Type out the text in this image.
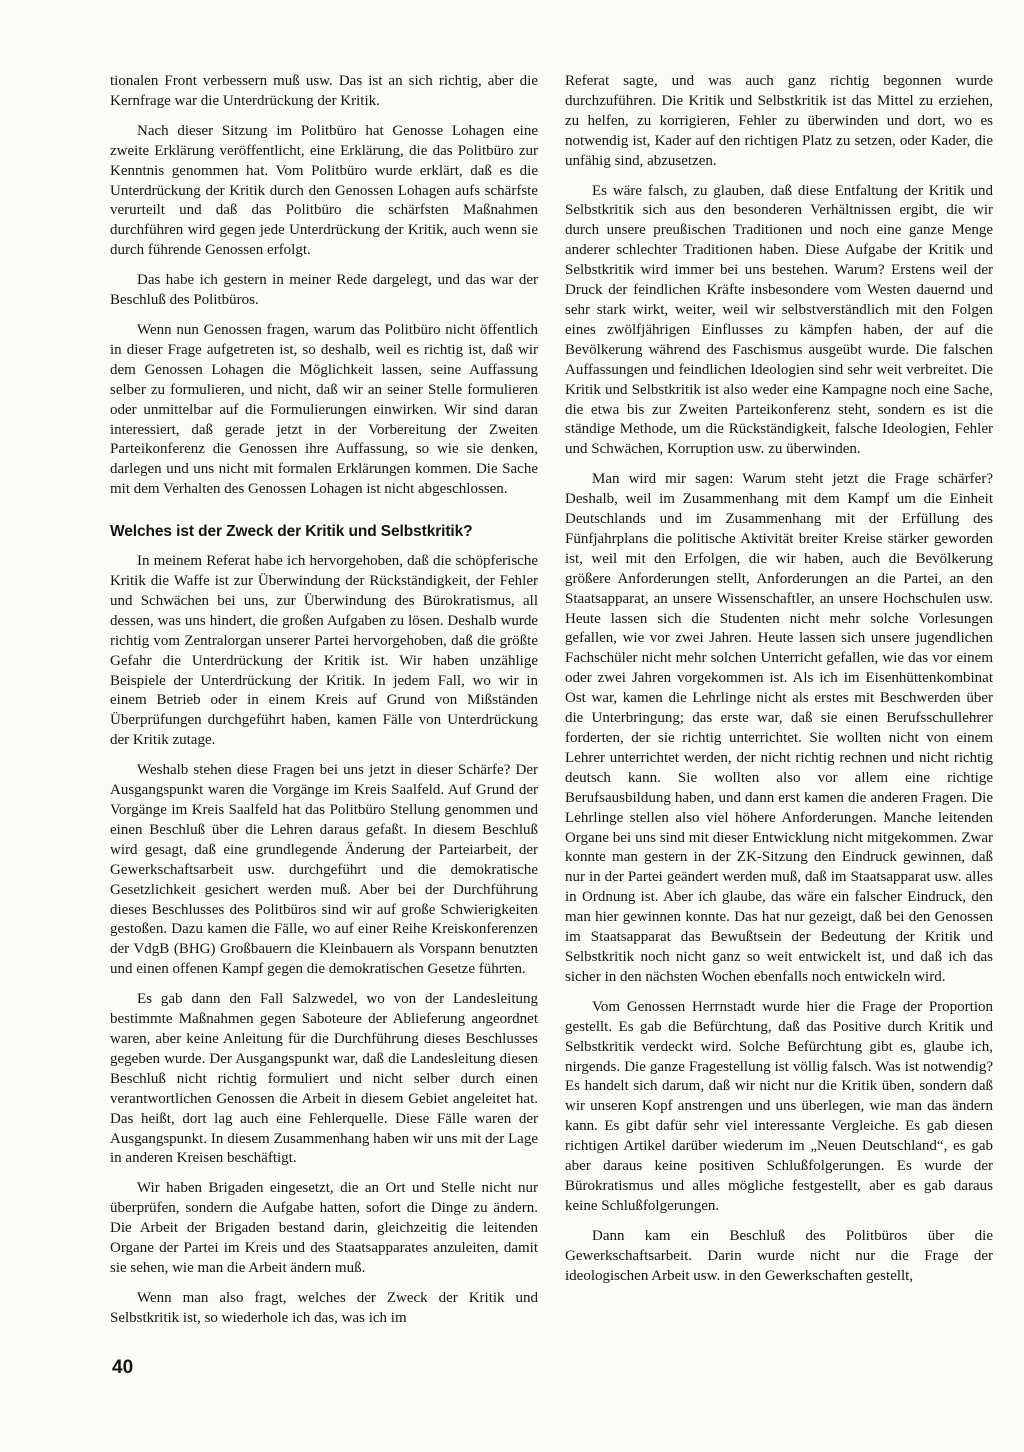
tionalen Front verbessern muß usw. Das ist an sich richtig, aber die Kernfrage war die Unterdrückung der Kritik.

Nach dieser Sitzung im Politbüro hat Genosse Lohagen eine zweite Erklärung veröffentlicht, eine Erklärung, die das Politbüro zur Kenntnis genommen hat. Vom Politbüro wurde erklärt, daß es die Unterdrückung der Kritik durch den Genossen Lohagen aufs schärfste verurteilt und daß das Politbüro die schärfsten Maßnahmen durchführen wird gegen jede Unterdrückung der Kritik, auch wenn sie durch führende Genossen erfolgt.

Das habe ich gestern in meiner Rede dargelegt, und das war der Beschluß des Politbüros.

Wenn nun Genossen fragen, warum das Politbüro nicht öffentlich in dieser Frage aufgetreten ist, so deshalb, weil es richtig ist, daß wir dem Genossen Lohagen die Möglichkeit lassen, seine Auffassung selber zu formulieren, und nicht, daß wir an seiner Stelle formulieren oder unmittelbar auf die Formulierungen einwirken. Wir sind daran interessiert, daß gerade jetzt in der Vorbereitung der Zweiten Parteikonferenz die Genossen ihre Auffassung, so wie sie denken, darlegen und uns nicht mit formalen Erklärungen kommen. Die Sache mit dem Verhalten des Genossen Lohagen ist nicht abgeschlossen.

Welches ist der Zweck der Kritik und Selbstkritik?

In meinem Referat habe ich hervorgehoben, daß die schöpferische Kritik die Waffe ist zur Überwindung der Rückständigkeit, der Fehler und Schwächen bei uns, zur Überwindung des Bürokratismus, all dessen, was uns hindert, die großen Aufgaben zu lösen. Deshalb wurde richtig vom Zentralorgan unserer Partei hervorgehoben, daß die größte Gefahr die Unterdrückung der Kritik ist. Wir haben unzählige Beispiele der Unterdrückung der Kritik. In jedem Fall, wo wir in einem Betrieb oder in einem Kreis auf Grund von Mißständen Überprüfungen durchgeführt haben, kamen Fälle von Unterdrückung der Kritik zutage.

Weshalb stehen diese Fragen bei uns jetzt in dieser Schärfe? Der Ausgangspunkt waren die Vorgänge im Kreis Saalfeld. Auf Grund der Vorgänge im Kreis Saalfeld hat das Politbüro Stellung genommen und einen Beschluß über die Lehren daraus gefaßt. In diesem Beschluß wird gesagt, daß eine grundlegende Änderung der Parteiarbeit, der Gewerkschaftsarbeit usw. durchgeführt und die demokratische Gesetzlichkeit gesichert werden muß. Aber bei der Durchführung dieses Beschlusses des Politbüros sind wir auf große Schwierigkeiten gestoßen. Dazu kamen die Fälle, wo auf einer Reihe Kreiskonferenzen der VdgB (BHG) Großbauern die Kleinbauern als Vorspann benutzten und einen offenen Kampf gegen die demokratischen Gesetze führten.

Es gab dann den Fall Salzwedel, wo von der Landesleitung bestimmte Maßnahmen gegen Saboteure der Ablieferung angeordnet waren, aber keine Anleitung für die Durchführung dieses Beschlusses gegeben wurde. Der Ausgangspunkt war, daß die Landesleitung diesen Beschluß nicht richtig formuliert und nicht selber durch einen verantwortlichen Genossen die Arbeit in diesem Gebiet angeleitet hat. Das heißt, dort lag auch eine Fehlerquelle. Diese Fälle waren der Ausgangspunkt. In diesem Zusammenhang haben wir uns mit der Lage in anderen Kreisen beschäftigt.

Wir haben Brigaden eingesetzt, die an Ort und Stelle nicht nur überprüfen, sondern die Aufgabe hatten, sofort die Dinge zu ändern. Die Arbeit der Brigaden bestand darin, gleichzeitig die leitenden Organe der Partei im Kreis und des Staatsapparates anzuleiten, damit sie sehen, wie man die Arbeit ändern muß.

Wenn man also fragt, welches der Zweck der Kritik und Selbstkritik ist, so wiederhole ich das, was ich im

Referat sagte, und was auch ganz richtig begonnen wurde durchzuführen. Die Kritik und Selbstkritik ist das Mittel zu erziehen, zu helfen, zu korrigieren, Fehler zu überwinden und dort, wo es notwendig ist, Kader auf den richtigen Platz zu setzen, oder Kader, die unfähig sind, abzusetzen.

Es wäre falsch, zu glauben, daß diese Entfaltung der Kritik und Selbstkritik sich aus den besonderen Verhältnissen ergibt, die wir durch unsere preußischen Traditionen und noch eine ganze Menge anderer schlechter Traditionen haben. Diese Aufgabe der Kritik und Selbstkritik wird immer bei uns bestehen. Warum? Erstens weil der Druck der feindlichen Kräfte insbesondere vom Westen dauernd und sehr stark wirkt, weiter, weil wir selbstverständlich mit den Folgen eines zwölfjährigen Einflusses zu kämpfen haben, der auf die Bevölkerung während des Faschismus ausgeübt wurde. Die falschen Auffassungen und feindlichen Ideologien sind sehr weit verbreitet. Die Kritik und Selbstkritik ist also weder eine Kampagne noch eine Sache, die etwa bis zur Zweiten Parteikonferenz steht, sondern es ist die ständige Methode, um die Rückständigkeit, falsche Ideologien, Fehler und Schwächen, Korruption usw. zu überwinden.

Man wird mir sagen: Warum steht jetzt die Frage schärfer? Deshalb, weil im Zusammenhang mit dem Kampf um die Einheit Deutschlands und im Zusammenhang mit der Erfüllung des Fünfjahrplans die politische Aktivität breiter Kreise stärker geworden ist, weil mit den Erfolgen, die wir haben, auch die Bevölkerung größere Anforderungen stellt, Anforderungen an die Partei, an den Staatsapparat, an unsere Wissenschaftler, an unsere Hochschulen usw. Heute lassen sich die Studenten nicht mehr solche Vorlesungen gefallen, wie vor zwei Jahren. Heute lassen sich unsere jugendlichen Fachschüler nicht mehr solchen Unterricht gefallen, wie das vor einem oder zwei Jahren vorgekommen ist. Als ich im Eisenhüttenkombinat Ost war, kamen die Lehrlinge nicht als erstes mit Beschwerden über die Unterbringung; das erste war, daß sie einen Berufsschullehrer forderten, der sie richtig unterrichtet. Sie wollten nicht von einem Lehrer unterrichtet werden, der nicht richtig rechnen und nicht richtig deutsch kann. Sie wollten also vor allem eine richtige Berufsausbildung haben, und dann erst kamen die anderen Fragen. Die Lehrlinge stellen also viel höhere Anforderungen. Manche leitenden Organe bei uns sind mit dieser Entwicklung nicht mitgekommen. Zwar konnte man gestern in der ZK-Sitzung den Eindruck gewinnen, daß nur in der Partei geändert werden muß, daß im Staatsapparat usw. alles in Ordnung ist. Aber ich glaube, das wäre ein falscher Eindruck, den man hier gewinnen konnte. Das hat nur gezeigt, daß bei den Genossen im Staatsapparat das Bewußtsein der Bedeutung der Kritik und Selbstkritik noch nicht ganz so weit entwickelt ist, und daß ich das sicher in den nächsten Wochen ebenfalls noch entwickeln wird.

Vom Genossen Herrnstadt wurde hier die Frage der Proportion gestellt. Es gab die Befürchtung, daß das Positive durch Kritik und Selbstkritik verdeckt wird. Solche Befürchtung gibt es, glaube ich, nirgends. Die ganze Fragestellung ist völlig falsch. Was ist notwendig? Es handelt sich darum, daß wir nicht nur die Kritik üben, sondern daß wir unseren Kopf anstrengen und uns überlegen, wie man das ändern kann. Es gibt dafür sehr viel interessante Vergleiche. Es gab diesen richtigen Artikel darüber wiederum im „Neuen Deutschland“, es gab aber daraus keine positiven Schlußfolgerungen. Es wurde der Bürokratismus und alles mögliche festgestellt, aber es gab daraus keine Schlußfolgerungen.

Dann kam ein Beschluß des Politbüros über die Gewerkschaftsarbeit. Darin wurde nicht nur die Frage der ideologischen Arbeit usw. in den Gewerkschaften gestellt,

40
